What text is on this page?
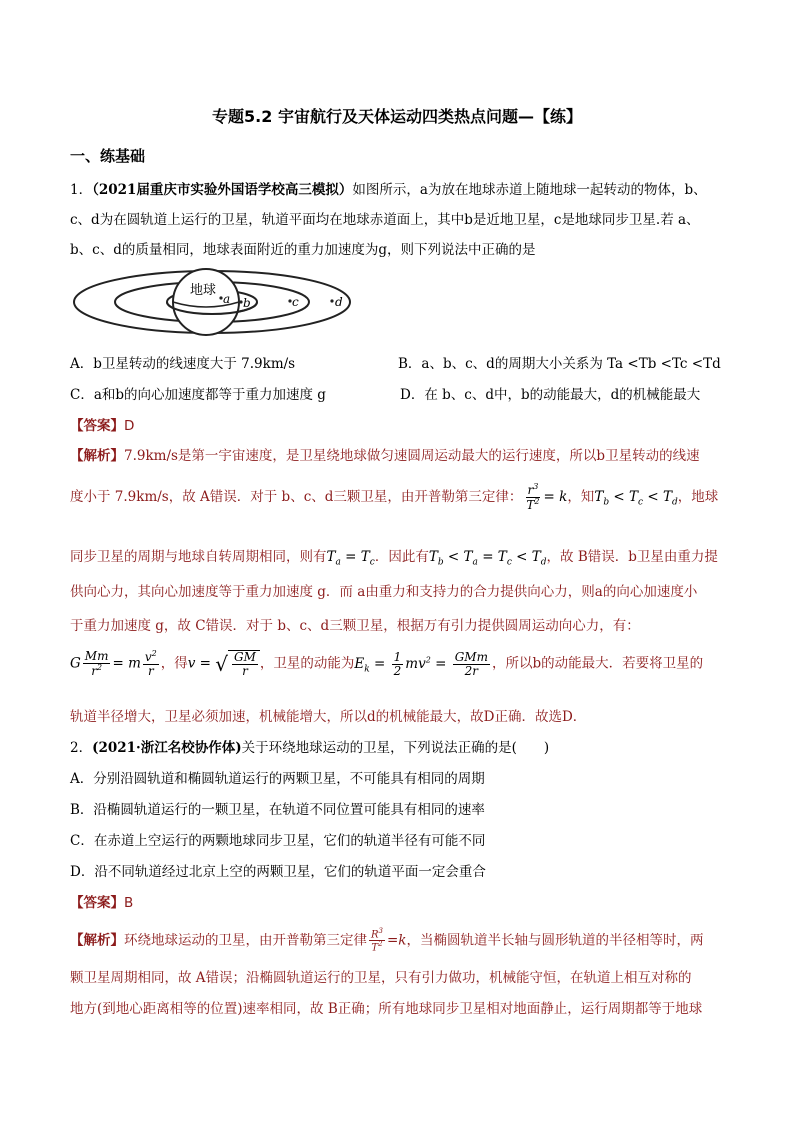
专题5.2 宇宙航行及天体运动四类热点问题—【练】
一、练基础
1．（2021届重庆市实验外国语学校高三模拟）如图所示，a为放在地球赤道上随地球一起转动的物体，b、
c、d为在圆轨道上运行的卫星，轨道平面均在地球赤道面上，其中b是近地卫星，c是地球同步卫星.若 a、
b、c、d的质量相同，地球表面附近的重力加速度为g，则下列说法中正确的是
地球
a b	c	d
A．b卫星转动的线速度大于 7.9km/s	B．a、b、c、d的周期大小关系为 Ta <Tb <Tc <Td
C．a和b的向心加速度都等于重力加速度 g	D．在 b、c、d中，b的动能最大，d的机械能最大
【答案】D
【解析】7.9km/s是第一宇宙速度，是卫星绕地球做匀速圆周运动最大的运行速度，所以b卫星转动的线速
度小于 7.9km/s，故 A错误．对于 b、c、d三颗卫星，由开普勒第三定律： $\frac{r^3}{T^2} = k$，知$T_b < T_c < T_d$，地球
同步卫星的周期与地球自转周期相同，则有$T_a = T_c$．因此有$T_b < T_a = T_c < T_d$，故 B错误．b卫星由重力提
供向心力，其向心加速度等于重力加速度 g．而 a由重力和支持力的合力提供向心力，则a的向心加速度小
于重力加速度 g，故 C错误．对于 b、c、d三颗卫星，根据万有引力提供圆周运动向心力，有：
G $\frac{Mm}{r^2} = m \frac{v^2}{r}$ ，得v = √ $\frac{GM}{r}$ ，卫星的动能为$E_k = \frac{1}{2} mv^2 = \frac{\text{GMm}}{2r}$ ，所以b的动能最大．若要将卫星的
轨道半径增大，卫星必须加速，机械能增大，所以d的机械能最大，故D正确．故选D．
2．(2021·浙江名校协作体)关于环绕地球运动的卫星，下列说法正确的是(　　)
A．分别沿圆轨道和椭圆轨道运行的两颗卫星，不可能具有相同的周期
B．沿椭圆轨道运行的一颗卫星，在轨道不同位置可能具有相同的速率
C．在赤道上空运行的两颗地球同步卫星，它们的轨道半径有可能不同
D．沿不同轨道经过北京上空的两颗卫星，它们的轨道平面一定会重合
【答案】B
【解析】环绕地球运动的卫星，由开普勒第三定律 $\frac{R^3}{T^2} =k$，当椭圆轨道半长轴与圆形轨道的半径相等时，两
颗卫星周期相同，故 A错误；沿椭圆轨道运行的卫星，只有引力做功，机械能守恒，在轨道上相互对称的
地方(到地心距离相等的位置)速率相同，故 B正确；所有地球同步卫星相对地面静止，运行周期都等于地球
